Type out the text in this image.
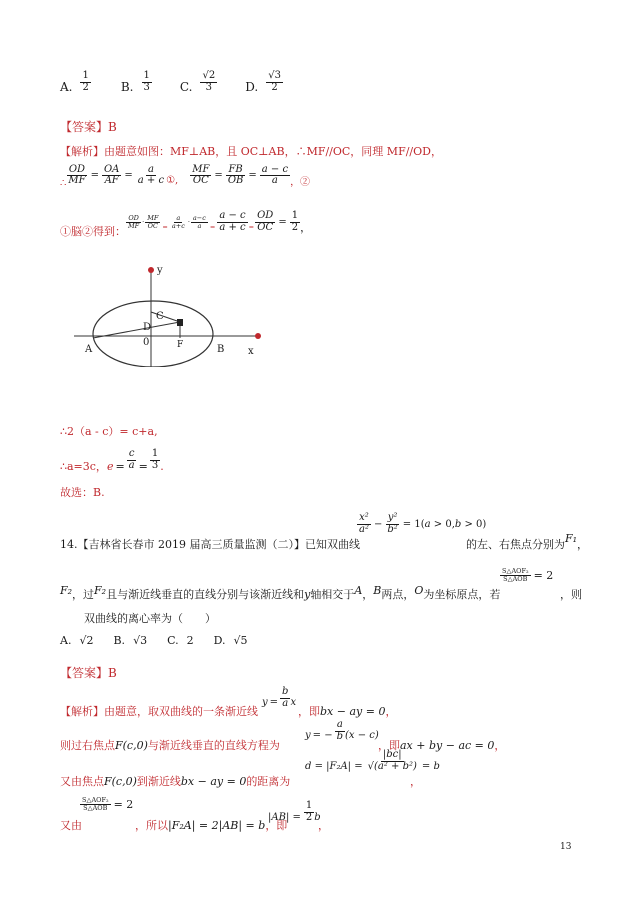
A. $\frac{1}{2}$	B. $\frac{1}{3} C$. $\frac{√2}{3} D$. $\frac{√3}{2}$
【答案】B
【解析】由题意如图：MF⊥AB，且 OC⊥AB，∴MF//OC，同理 MF//OD，
∴ $\frac{OD}{MF} = \frac{OA}{AF} = \frac{a}{a + c}$ ①, $\frac{MF}{OC} = \frac{FB}{OB} = \frac{a - c}{a}$ ，②
①脳②得到：
$\frac{OD}{MF} \cdot \frac{MF}{OC} = \frac{a}{a+c} \cdot \frac{a-c}{a} = \frac{a - c}{a + c} = \frac{OD}{OC} = \frac{1}{2}$ ，
y
x
A	B
0
C
D
F
∴2（a - c）= c+a,
∴a=3c， $e = \frac{c}{a} = \frac{1}{3}$ .
故选：B.
14.【吉林省长春市 2019 届高三质量监测（二）】已知双曲线
$\frac{\text{x²}}{\text{a²}} - \frac{\text{y²}}{\text{b²}} = 1(a > 0,b > 0)$
的左、右焦点分别为F₁，
F₂，过F₂且与渐近线垂直的直线分别与该渐近线和y轴相交于A，B两点，O为坐标原点，若
$\frac{\text{S△AOF₂}}{\text{S△AOB}} = 2$
，则
双曲线的离心率为（　　）
A. √2 B. √3 C. 2 D. √5
【答案】B
【解析】由题意，取双曲线的一条渐近线
$y = \frac{b}{a}$ x
，即bx − ay = 0，
则过右焦点F(c,0)与渐近线垂直的直线方程为
y = − $\frac{a}{b} (x - c)$
，即ax + by − ac = 0，
又由焦点F(c,0)到渐近线bx − ay = 0的距离为
$d = |F_2A| = \frac{|bc|}{\text{√(a² + b²)}} = b$
，
又由
$\frac{\text{S△AOF₂}}{\text{S△AOB}} = 2$
，所以|F₂A| = 2|AB| = b，即
$|AB| = \frac{1}{2}$ b
，
13
